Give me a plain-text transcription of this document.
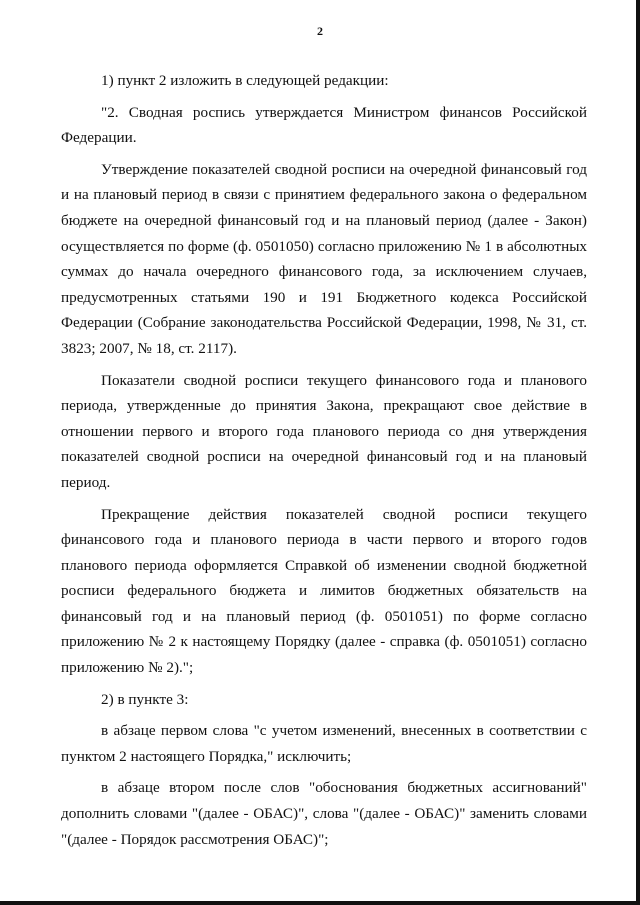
2

1) пункт 2 изложить в следующей редакции:

"2. Сводная роспись утверждается Министром финансов Российской Федерации.

Утверждение показателей сводной росписи на очередной финансовый год и на плановый период в связи с принятием федерального закона о федеральном бюджете на очередной финансовый год и на плановый период (далее - Закон) осуществляется по форме (ф. 0501050) согласно приложению № 1 в абсолютных суммах до начала очередного финансового года, за исключением случаев, предусмотренных статьями 190 и 191 Бюджетного кодекса Российской Федерации (Собрание законодательства Российской Федерации, 1998, № 31, ст. 3823; 2007, № 18, ст. 2117).

Показатели сводной росписи текущего финансового года и планового периода, утвержденные до принятия Закона, прекращают свое действие в отношении первого и второго года планового периода со дня утверждения показателей сводной росписи на очередной финансовый год и на плановый период.

Прекращение действия показателей сводной росписи текущего финансового года и планового периода в части первого и второго годов планового периода оформляется Справкой об изменении сводной бюджетной росписи федерального бюджета и лимитов бюджетных обязательств на финансовый год и на плановый период (ф. 0501051) по форме согласно приложению № 2 к настоящему Порядку (далее - справка (ф. 0501051) согласно приложению № 2).";

2) в пункте 3:

в абзаце первом слова "с учетом изменений, внесенных в соответствии с пунктом 2 настоящего Порядка," исключить;

в абзаце втором после слов "обоснования бюджетных ассигнований" дополнить словами "(далее - ОБАС)", слова "(далее - ОБАС)" заменить словами "(далее - Порядок рассмотрения ОБАС)";
